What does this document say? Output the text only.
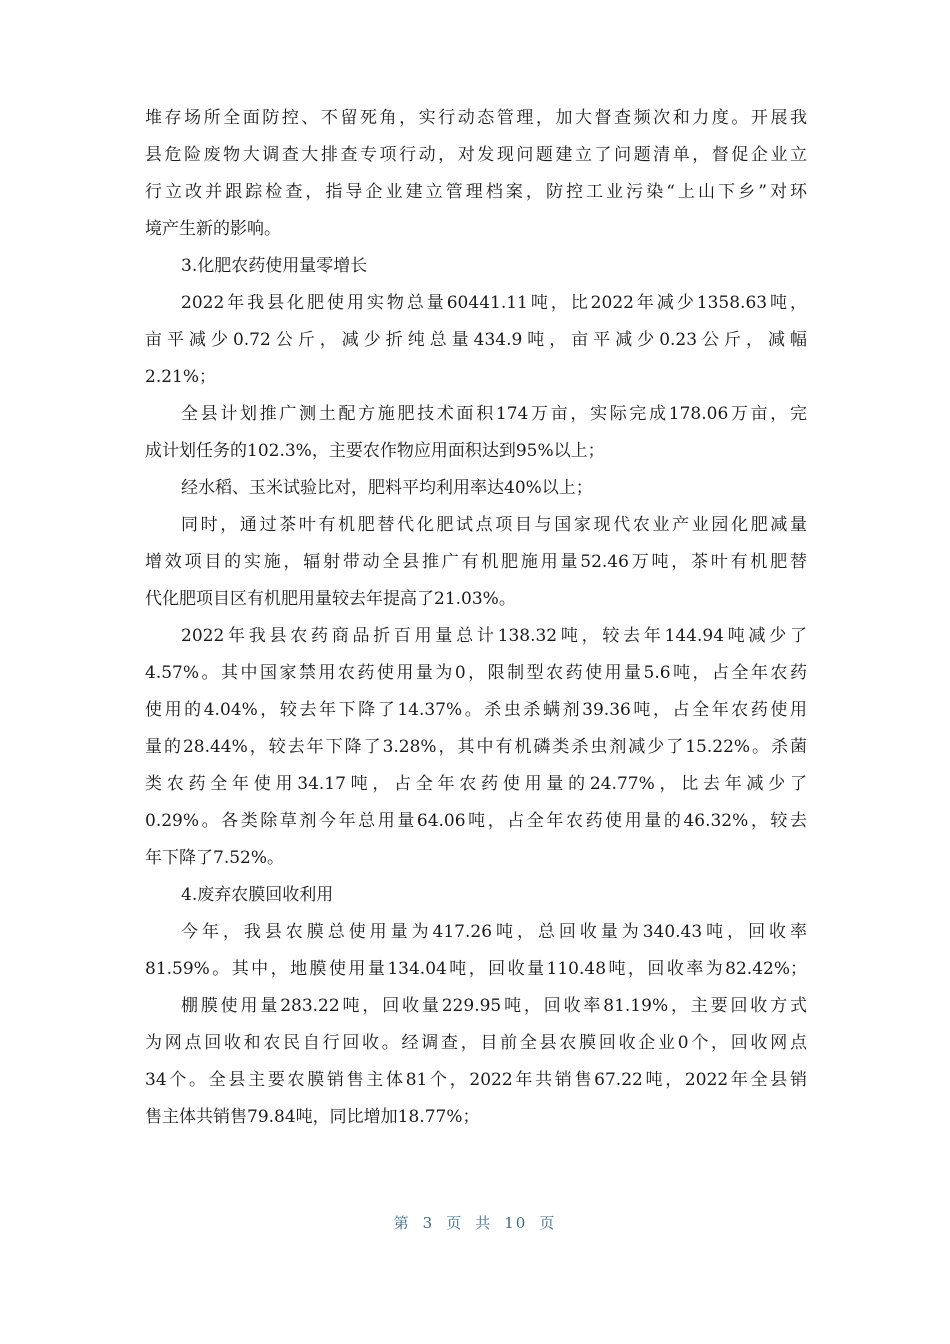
堆存场所全面防控、不留死角，实行动态管理，加大督查频次和力度。开展我
县危险废物大调查大排查专项行动，对发现问题建立了问题清单，督促企业立
行立改并跟踪检查，指导企业建立管理档案，防控工业污染“上山下乡”对环
境产生新的影响。
3.化肥农药使用量零增长
2022年我县化肥使用实物总量60441.11吨，比2022年减少1358.63吨，
亩平减少0.72公斤，减少折纯总量434.9吨，亩平减少0.23公斤，减幅
2.21%；
全县计划推广测土配方施肥技术面积174万亩，实际完成178.06万亩，完
成计划任务的102.3%，主要农作物应用面积达到95%以上；
经水稻、玉米试验比对，肥料平均利用率达40%以上；
同时，通过茶叶有机肥替代化肥试点项目与国家现代农业产业园化肥减量
增效项目的实施，辐射带动全县推广有机肥施用量52.46万吨，茶叶有机肥替
代化肥项目区有机肥用量较去年提高了21.03%。
2022年我县农药商品折百用量总计138.32吨，较去年144.94吨减少了
4.57%。其中国家禁用农药使用量为0，限制型农药使用量5.6吨，占全年农药
使用的4.04%，较去年下降了14.37%。杀虫杀螨剂39.36吨，占全年农药使用
量的28.44%，较去年下降了3.28%，其中有机磷类杀虫剂减少了15.22%。杀菌
类农药全年使用34.17吨，占全年农药使用量的24.77%，比去年减少了
0.29%。各类除草剂今年总用量64.06吨，占全年农药使用量的46.32%，较去
年下降了7.52%。
4.废弃农膜回收利用
今年，我县农膜总使用量为417.26吨，总回收量为340.43吨，回收率
81.59%。其中，地膜使用量134.04吨，回收量110.48吨，回收率为82.42%；
棚膜使用量283.22吨，回收量229.95吨，回收率81.19%，主要回收方式
为网点回收和农民自行回收。经调查，目前全县农膜回收企业0个，回收网点
34个。全县主要农膜销售主体81个，2022年共销售67.22吨，2022年全县销
售主体共销售79.84吨，同比增加18.77%；
第 3 页 共 10 页
